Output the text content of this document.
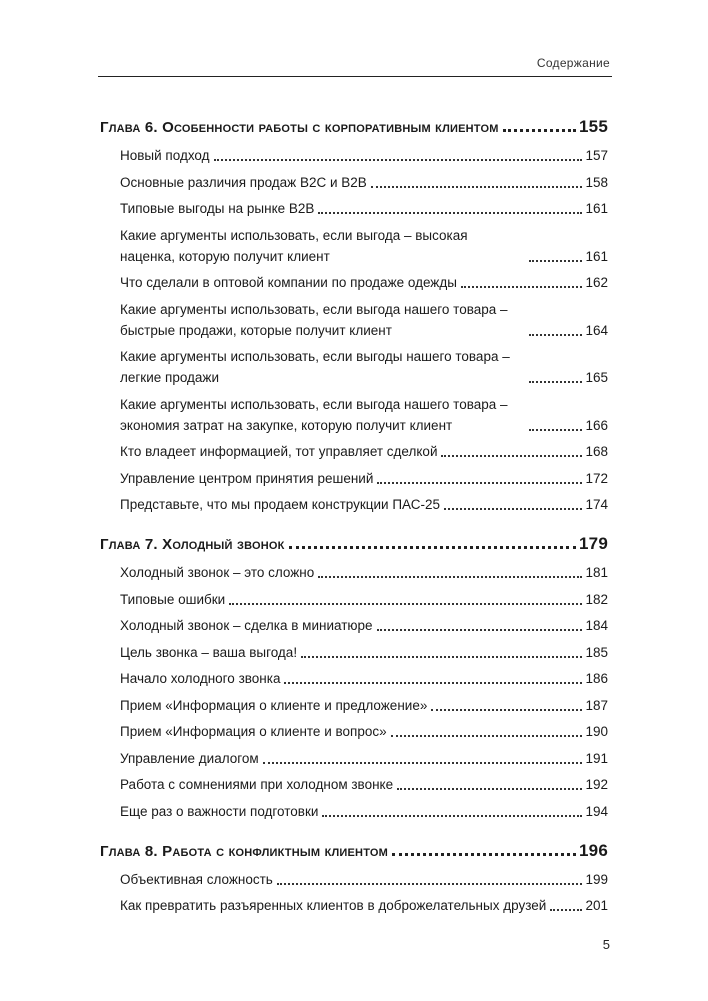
Содержание
Глава 6. Особенности работы с корпоративным клиентом	155
Новый подход	157
Основные различия продаж B2C и B2B	158
Типовые выгоды на рынке B2B	161
Какие аргументы использовать, если выгода – высокая наценка, которую получит клиент	161
Что сделали в оптовой компании по продаже одежды	162
Какие аргументы использовать, если выгода нашего товара – быстрые продажи, которые получит клиент	164
Какие аргументы использовать, если выгоды нашего товара – легкие продажи	165
Какие аргументы использовать, если выгода нашего товара – экономия затрат на закупке, которую получит клиент	166
Кто владеет информацией, тот управляет сделкой	168
Управление центром принятия решений	172
Представьте, что мы продаем конструкции ПАС-25	174
Глава 7. Холодный звонок	179
Холодный звонок – это сложно	181
Типовые ошибки	182
Холодный звонок – сделка в миниатюре	184
Цель звонка – ваша выгода!	185
Начало холодного звонка	186
Прием «Информация о клиенте и предложение»	187
Прием «Информация о клиенте и вопрос»	190
Управление диалогом	191
Работа с сомнениями при холодном звонке	192
Еще раз о важности подготовки	194
Глава 8. Работа с конфликтным клиентом	196
Объективная сложность	199
Как превратить разъяренных клиентов в доброжелательных друзей	201
5
